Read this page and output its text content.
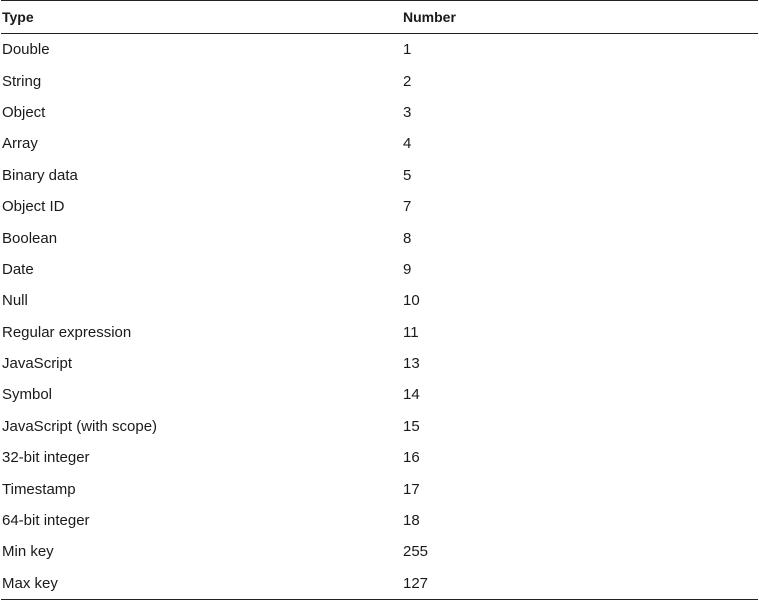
Type	Number
Double	1
String	2
Object	3
Array	4
Binary data	5
Object ID	7
Boolean	8
Date	9
Null	10
Regular expression	11
JavaScript	13
Symbol	14
JavaScript (with scope)	15
32-bit integer	16
Timestamp	17
64-bit integer	18
Min key	255
Max key	127
